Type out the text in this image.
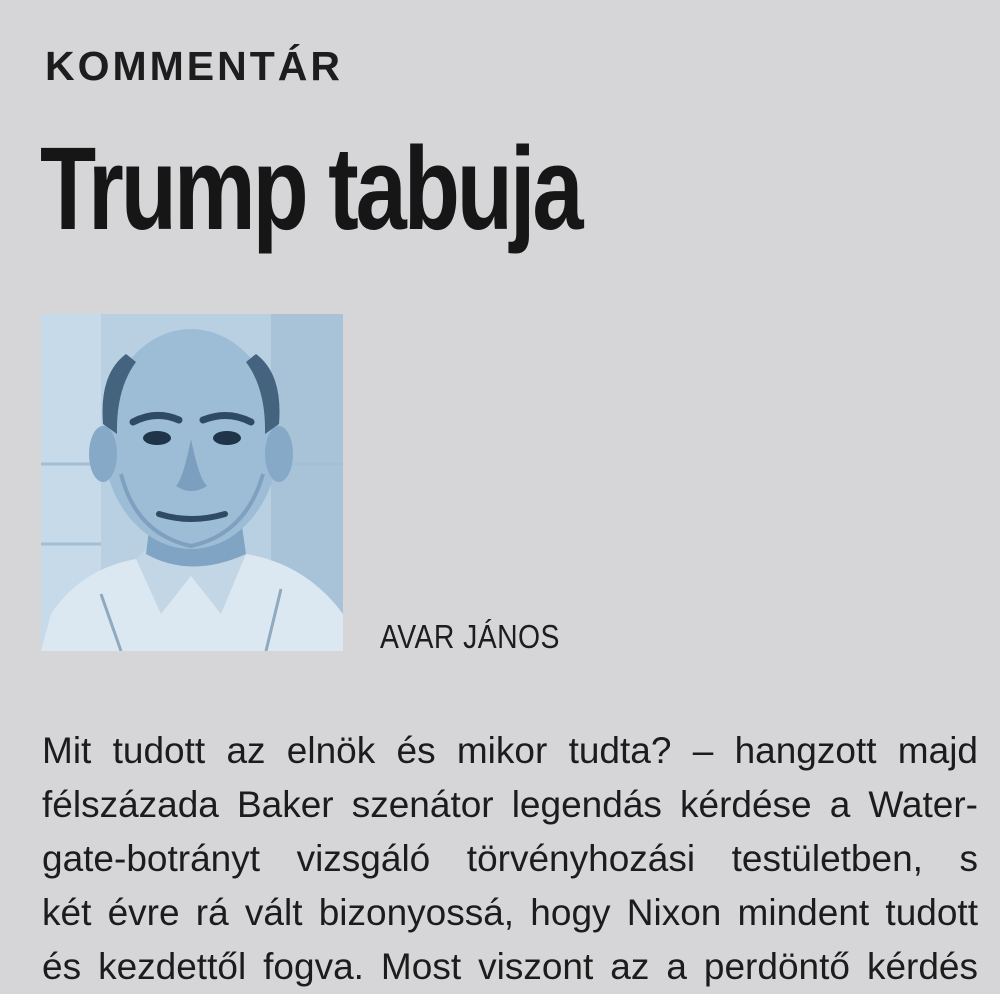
KOMMENTÁR
Trump tabuja
AVAR JÁNOS
Mit tudott az elnök és mikor tudta? – hangzott majd
félszázada Baker szenátor legendás kérdése a Water-
gate-botrányt vizsgáló törvényhozási testületben, s
két évre rá vált bizonyossá, hogy Nixon mindent tudott
és kezdettől fogva. Most viszont az a perdöntő kérdés
